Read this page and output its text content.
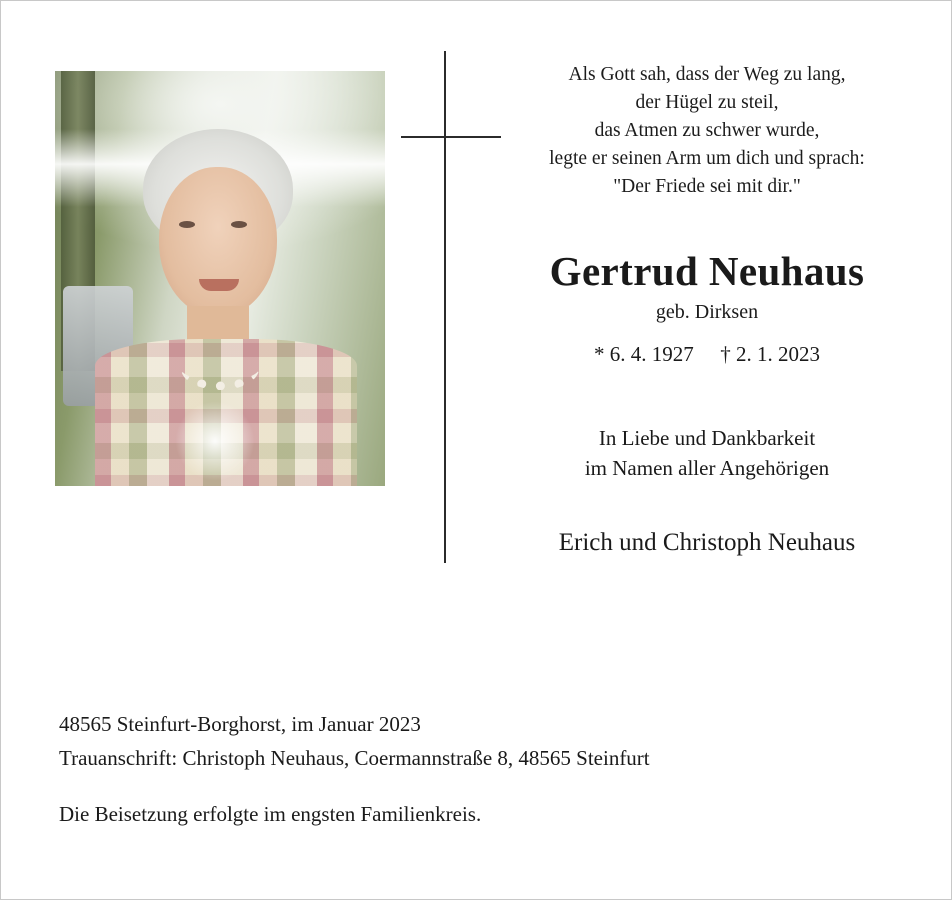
Als Gott sah, dass der Weg zu lang,
der Hügel zu steil,
das Atmen zu schwer wurde,
legte er seinen Arm um dich und sprach:
"Der Friede sei mit dir."
Gertrud Neuhaus
geb. Dirksen
* 6. 4. 1927 † 2. 1. 2023
In Liebe und Dankbarkeit
im Namen aller Angehörigen
Erich und Christoph Neuhaus
48565 Steinfurt-Borghorst, im Januar 2023
Trauanschrift: Christoph Neuhaus, Coermannstraße 8, 48565 Steinfurt
Die Beisetzung erfolgte im engsten Familienkreis.
